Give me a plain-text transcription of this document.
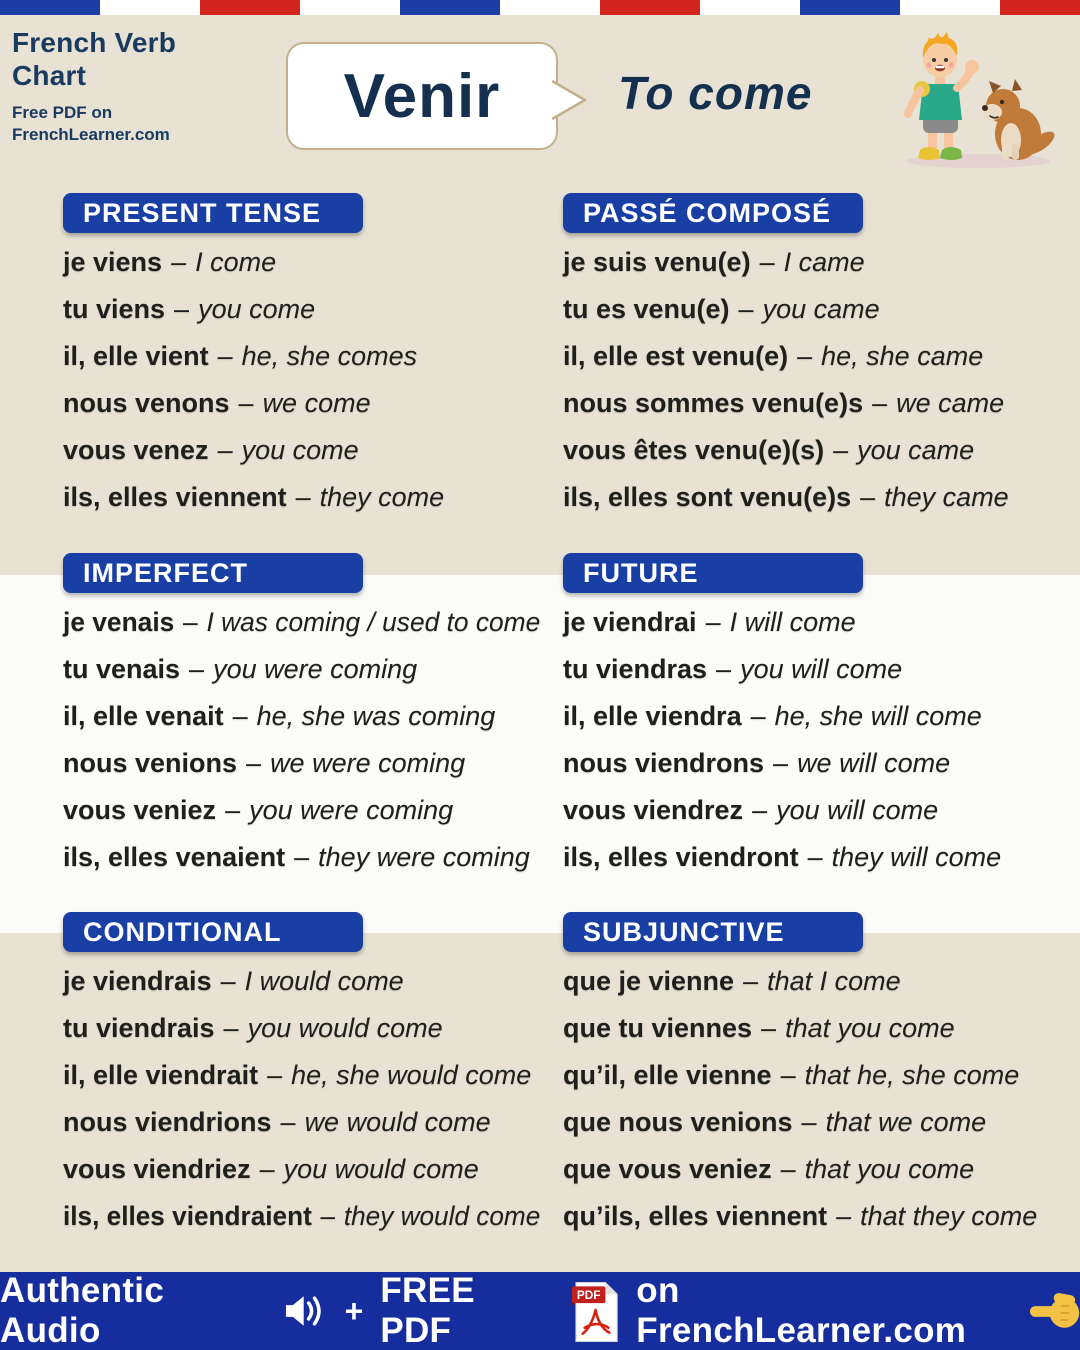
French Verb
Chart
Free PDF on
FrenchLearner.com
Venir	To come
PRESENT TENSE
je viens – I come
tu viens – you come
il, elle vient – he, she comes
nous venons – we come
vous venez – you come
ils, elles viennent – they come
PASSÉ COMPOSÉ
je suis venu(e) – I came
tu es venu(e) – you came
il, elle est venu(e) – he, she came
nous sommes venu(e)s – we came
vous êtes venu(e)(s) – you came
ils, elles sont venu(e)s – they came
IMPERFECT
je venais – I was coming / used to come
tu venais – you were coming
il, elle venait – he, she was coming
nous venions – we were coming
vous veniez – you were coming
ils, elles venaient – they were coming
FUTURE
je viendrai – I will come
tu viendras – you will come
il, elle viendra – he, she will come
nous viendrons – we will come
vous viendrez – you will come
ils, elles viendront – they will come
CONDITIONAL
je viendrais – I would come
tu viendrais – you would come
il, elle viendrait – he, she would come
nous viendrions – we would come
vous viendriez – you would come
ils, elles viendraient – they would come
SUBJUNCTIVE
que je vienne – that I come
que tu viennes – that you come
qu’il, elle vienne – that he, she come
que nous venions – that we come
que vous veniez – that you come
qu’ils, elles viennent – that they come
Authentic Audio
+
FREE PDF
PDF on FrenchLearner.com
